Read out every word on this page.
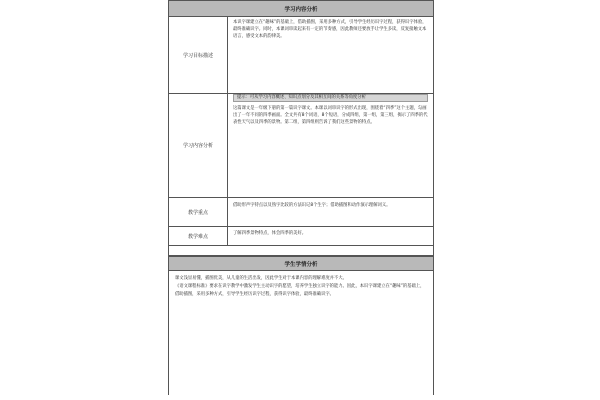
学习内容分析
学习目标描述
本识字课建立在“趣味”的基础上，借助插图，采用多种方式，引导学生经历识字过程，获得识字体验，最终准确识字。同时，本课词串读起来有一定的节奏感，因此教师还要放手让学生多读，反复接触文本语言，感受文本的韵律美。
学习内容分析
提示：可从学习内容概述、知识点划分及其相互间的关系等角度分析
这篇课文是一年级下册的第一篇识字课文。本课以词串识字的形式出现，围绕着“四季”这个主题，勾画出了一年不同的四季画面。全文共有8个词语，8个短语，分成四组，第一组，第三组，揭示了四季的代表性天气以及四季的景物。第二组，第四组则告诉了我们这些景物的特点。
教学重点
借助形声字特点以及熟字比较的方法识记8个生字；借助插图和动作演示理解词义。
教学难点	了解四季景物特点，体会四季的美好。
学生学情分析

课文浅显易懂，插图优美，从儿童的生活出发，因此学生对于本课内容的理解难度并不大。

《语文课程标准》要求在识字教学中激发学生主动识字的愿望，培养学生独立识字的能力。因此，本识字课建立在“趣味”的基础上，借助插图，采用多种方式，引导学生经历识字过程，获得识字体验，最终准确识字。
